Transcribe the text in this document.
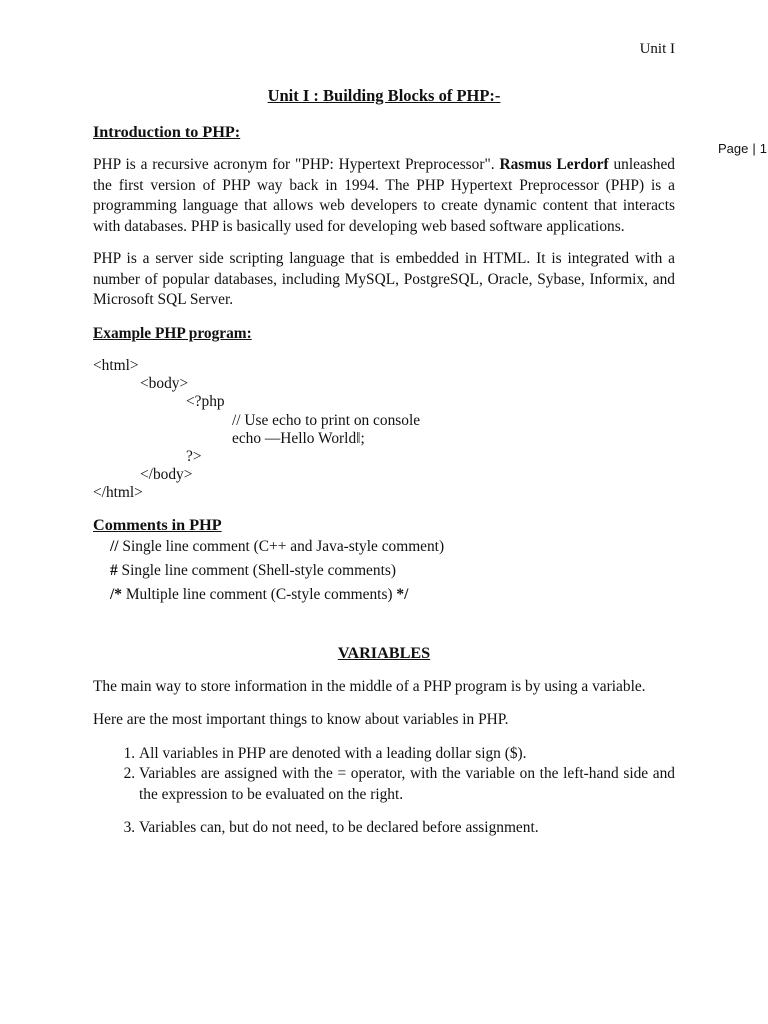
Unit I
Page | 1
Unit I : Building Blocks of PHP:-
Introduction to PHP:

PHP is a recursive acronym for "PHP: Hypertext Preprocessor". Rasmus Lerdorf unleashed the first version of PHP way back in 1994. The PHP Hypertext Preprocessor (PHP) is a programming language that allows web developers to create dynamic content that interacts with databases. PHP is basically used for developing web based software applications.

PHP is a server side scripting language that is embedded in HTML. It is integrated with a number of popular databases, including MySQL, PostgreSQL, Oracle, Sybase, Informix, and Microsoft SQL Server.

Example PHP program:
<html>
<body>
<?php
// Use echo to print on console
echo ―Hello World‖;
?>
</body>
</html>
Comments in PHP
// Single line comment (C++ and Java-style comment)
# Single line comment (Shell-style comments)
/* Multiple line comment (C-style comments) */
VARIABLES

The main way to store information in the middle of a PHP program is by using a variable.

Here are the most important things to know about variables in PHP.

1. All variables in PHP are denoted with a leading dollar sign ($).
2. Variables are assigned with the = operator, with the variable on the left-hand side and the expression to be evaluated on the right.
3. Variables can, but do not need, to be declared before assignment.
